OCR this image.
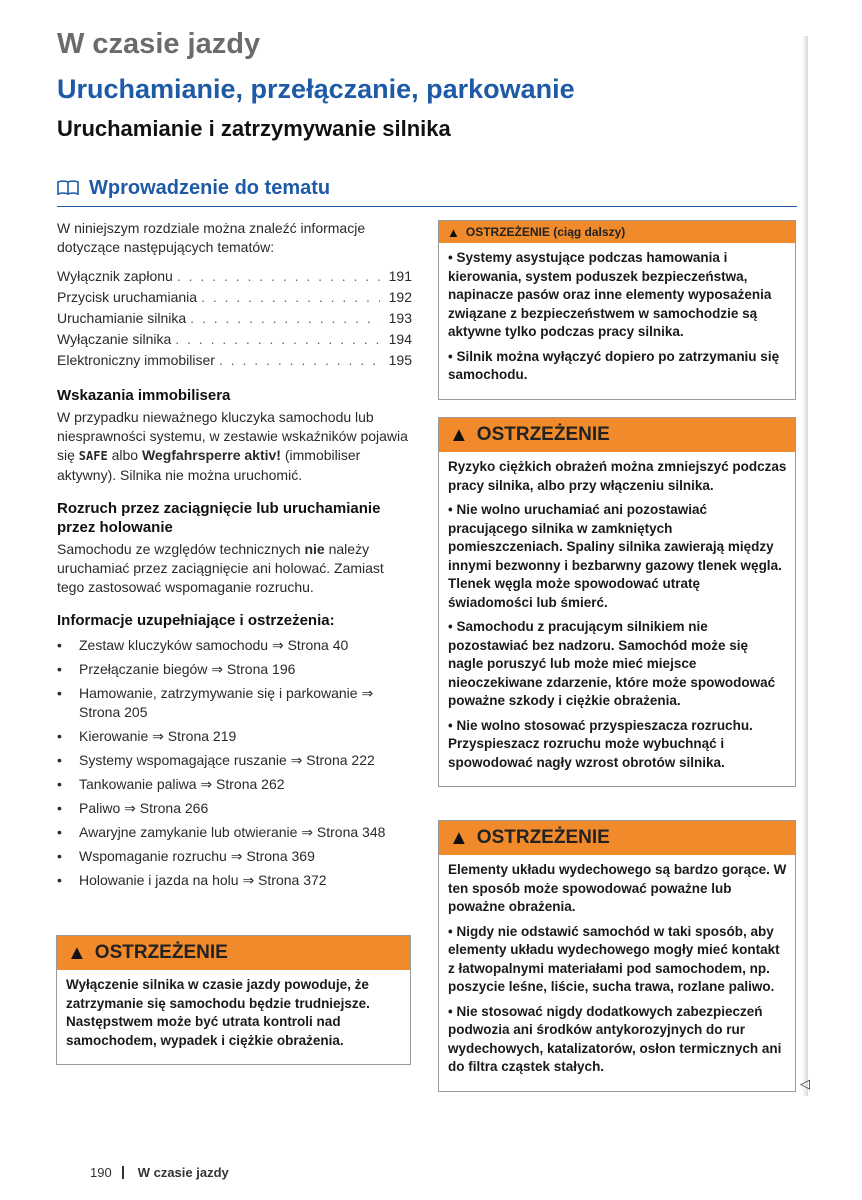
W czasie jazdy
Uruchamianie, przełączanie, parkowanie
Uruchamianie i zatrzymywanie silnika
Wprowadzenie do tematu

W niniejszym rozdziale można znaleźć informacje dotyczące następujących tematów:

Wyłącznik zapłonu . . .	191
Przycisk uruchamiania . . .	192
Uruchamianie silnika . . .	193
Wyłączanie silnika . . .	194
Elektroniczny immobiliser . . .	195

Wskazania immobilisera

W przypadku nieważnego kluczyka samochodu lub niesprawności systemu, w zestawie wskaźników pojawia się SAFE albo Wegfahrsperre aktiv! (immobiliser aktywny). Silnika nie można uruchomić.

Rozruch przez zaciągnięcie lub uruchamianie przez holowanie

Samochodu ze względów technicznych nie należy uruchamiać przez zaciągnięcie ani holować. Zamiast tego zastosować wspomaganie rozruchu.

Informacje uzupełniające i ostrzeżenia:

• Zestaw kluczyków samochodu ⇒ Strona 40
• Przełączanie biegów ⇒ Strona 196
• Hamowanie, zatrzymywanie się i parkowanie ⇒ Strona 205
• Kierowanie ⇒ Strona 219
• Systemy wspomagające ruszanie ⇒ Strona 222
• Tankowanie paliwa ⇒ Strona 262
• Paliwo ⇒ Strona 266
• Awaryjne zamykanie lub otwieranie ⇒ Strona 348
• Wspomaganie rozruchu ⇒ Strona 369
• Holowanie i jazda na holu ⇒ Strona 372
▲ OSTRZEŻENIE

Wyłączenie silnika w czasie jazdy powoduje, że zatrzymanie się samochodu będzie trudniejsze. Następstwem może być utrata kontroli nad samochodem, wypadek i ciężkie obrażenia.

▲ OSTRZEŻENIE (ciąg dalszy)

• Systemy asystujące podczas hamowania i kierowania, system poduszek bezpieczeństwa, napinacze pasów oraz inne elementy wyposażenia związane z bezpieczeństwem w samochodzie są aktywne tylko podczas pracy silnika.

• Silnik można wyłączyć dopiero po zatrzymaniu się samochodu.

▲ OSTRZEŻENIE

Ryzyko ciężkich obrażeń można zmniejszyć podczas pracy silnika, albo przy włączeniu silnika.

• Nie wolno uruchamiać ani pozostawiać pracującego silnika w zamkniętych pomieszczeniach. Spaliny silnika zawierają między innymi bezwonny i bezbarwny gazowy tlenek węgla. Tlenek węgla może spowodować utratę świadomości lub śmierć.

• Samochodu z pracującym silnikiem nie pozostawiać bez nadzoru. Samochód może się nagle poruszyć lub może mieć miejsce nieoczekiwane zdarzenie, które może spowodować poważne szkody i ciężkie obrażenia.

• Nie wolno stosować przyspieszacza rozruchu. Przyspieszacz rozruchu może wybuchnąć i spowodować nagły wzrost obrotów silnika.

▲ OSTRZEŻENIE

Elementy układu wydechowego są bardzo gorące. W ten sposób może spowodować poważne lub poważne obrażenia.

• Nigdy nie odstawić samochód w taki sposób, aby elementy układu wydechowego mogły mieć kontakt z łatwopalnymi materiałami pod samochodem, np. poszycie leśne, liście, sucha trawa, rozlane paliwo.

• Nie stosować nigdy dodatkowych zabezpieczeń podwozia ani środków antykorozyjnych do rur wydechowych, katalizatorów, osłon termicznych ani do filtra cząstek stałych.

◁
190 W czasie jazdy
